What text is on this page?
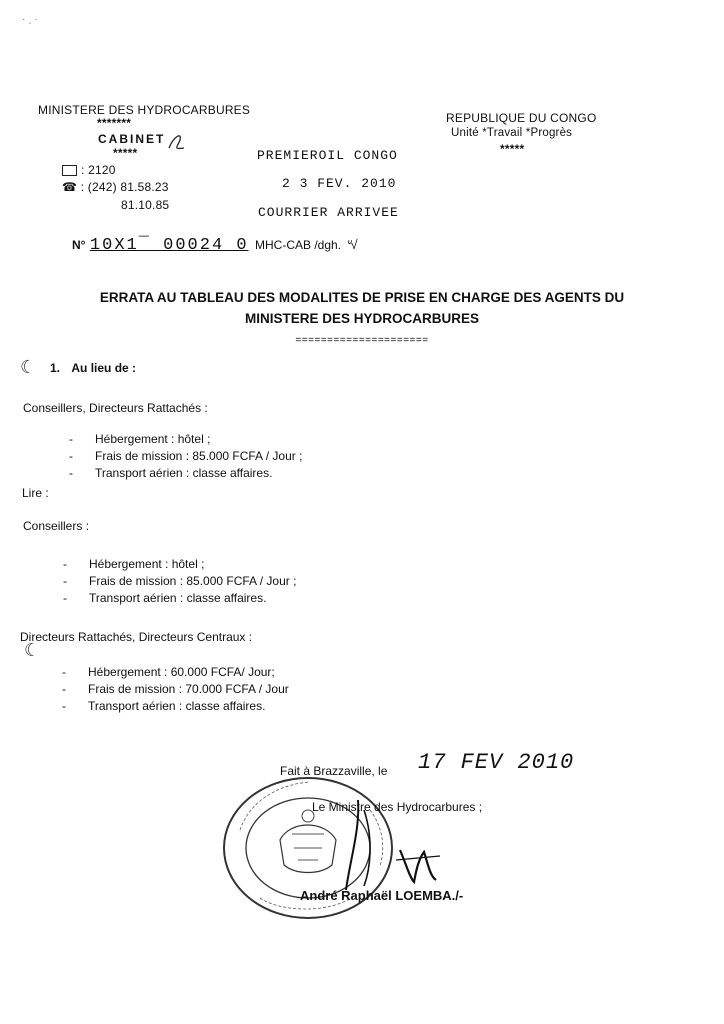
· ˏ ·
MINISTERE DES HYDROCARBURES
*******
CABINET
*****
: 2120
☎ : (242) 81.58.23
81.10.85
N° 10X1¯ 00024 0 MHC-CAB /dgh. ᐡ√
REPUBLIQUE DU CONGO
Unité *Travail *Progrès
*****
PREMIEROIL CONGO
2 3 FEV. 2010
COURRIER ARRIVEE
ERRATA AU TABLEAU DES MODALITES DE PRISE EN CHARGE DES AGENTS DU
MINISTERE DES HYDROCARBURES
=====================
☾ 1. Au lieu de :
Conseillers, Directeurs Rattachés :
- Hébergement : hôtel ;
- Frais de mission : 85.000 FCFA / Jour ;
- Transport aérien : classe affaires.
Lire :
Conseillers :
- Hébergement : hôtel ;
- Frais de mission : 85.000 FCFA / Jour ;
- Transport aérien : classe affaires.
Directeurs Rattachés, Directeurs Centraux :
☾
- Hébergement : 60.000 FCFA/ Jour;
- Frais de mission : 70.000 FCFA / Jour
- Transport aérien : classe affaires.
Fait à Brazzaville, le 17 FEV 2010
Le Ministre des Hydrocarbures ;
André Raphaël LOEMBA./-
